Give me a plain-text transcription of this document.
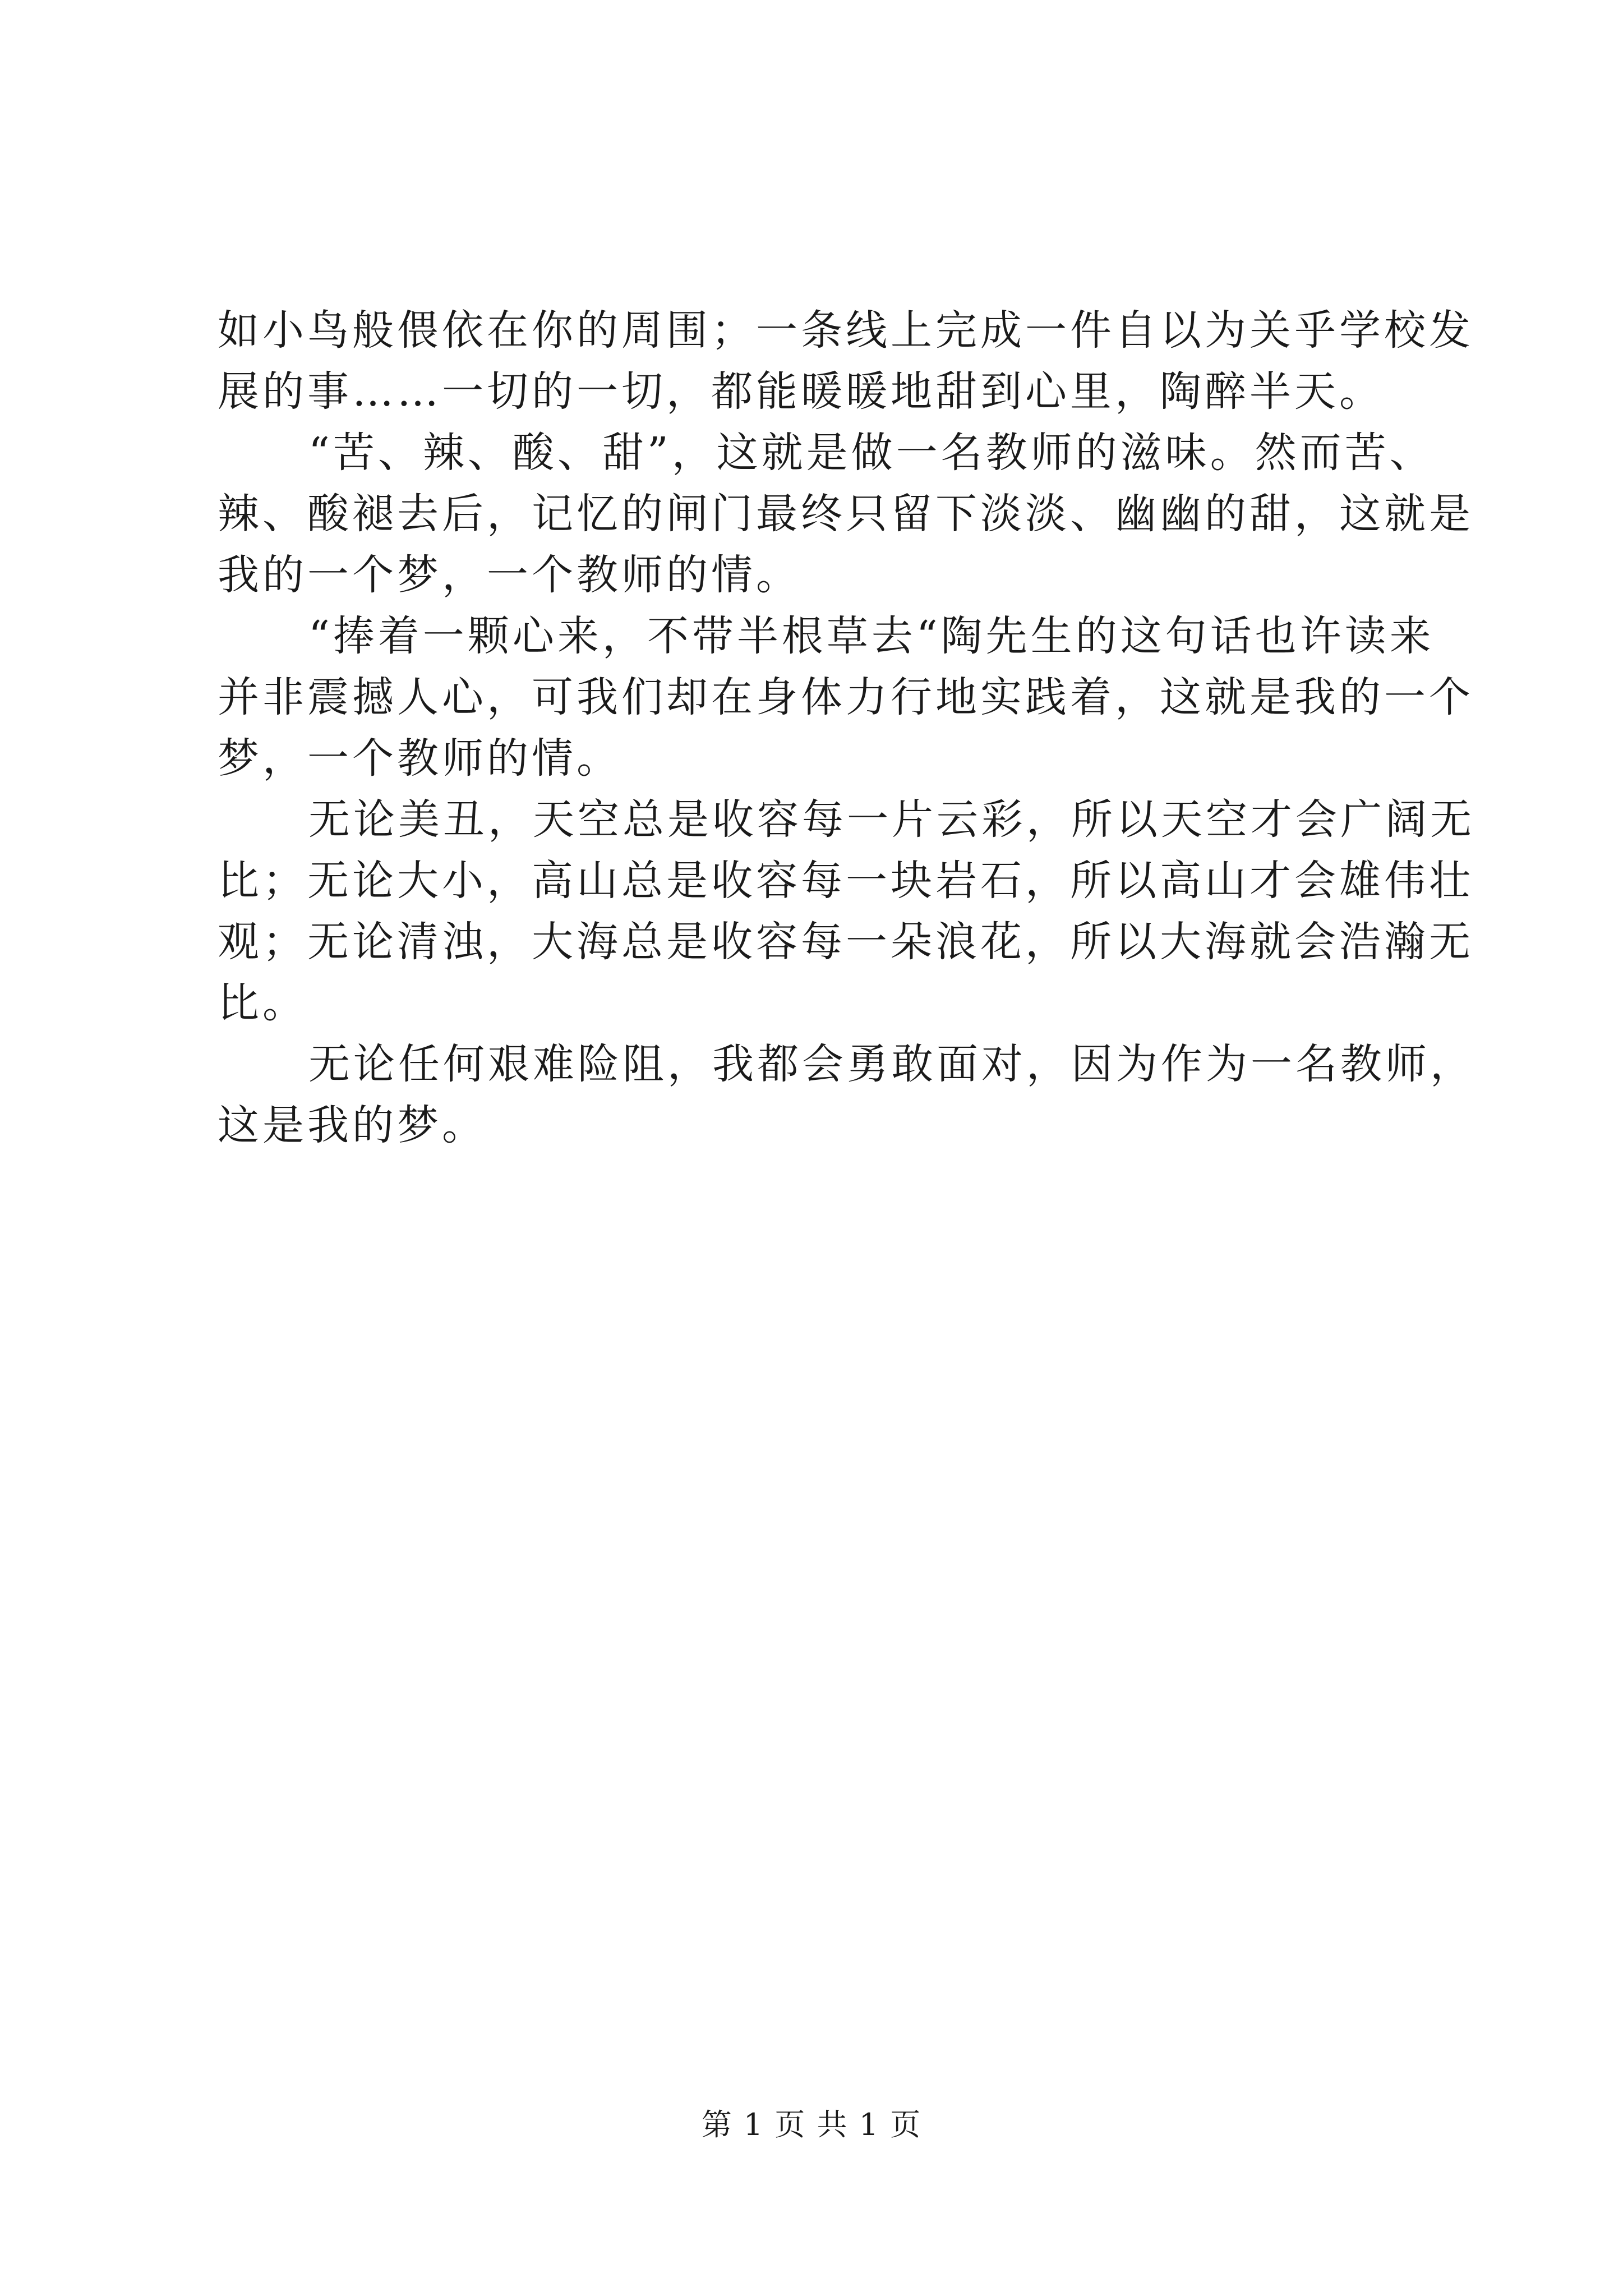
如小鸟般偎依在你的周围；一条线上完成一件自以为关乎学校发
展的事……一切的一切，都能暖暖地甜到心里，陶醉半天。
“苦、辣、酸、甜”，这就是做一名教师的滋味。然而苦、
辣、酸褪去后，记忆的闸门最终只留下淡淡、幽幽的甜，这就是
我的一个梦，一个教师的情。
“捧着一颗心来，不带半根草去“陶先生的这句话也许读来
并非震撼人心，可我们却在身体力行地实践着，这就是我的一个
梦，一个教师的情。
无论美丑，天空总是收容每一片云彩，所以天空才会广阔无
比；无论大小，高山总是收容每一块岩石，所以高山才会雄伟壮
观；无论清浊，大海总是收容每一朵浪花，所以大海就会浩瀚无
比。
无论任何艰难险阻，我都会勇敢面对，因为作为一名教师，
这是我的梦。
第 1 页 共 1 页
